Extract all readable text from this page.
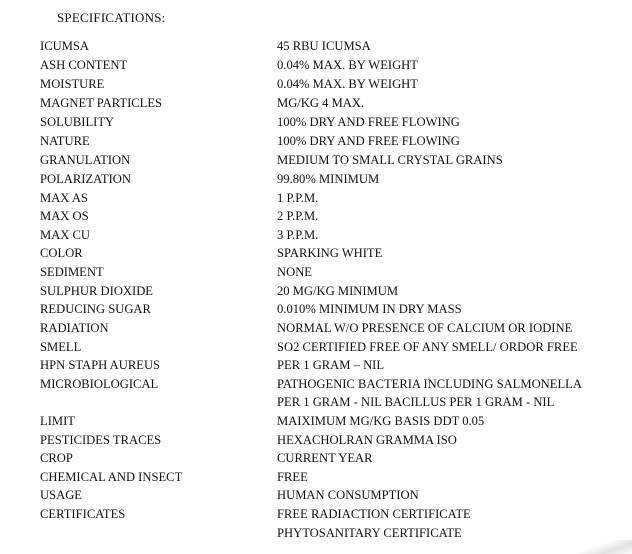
SPECIFICATIONS:
ICUMSA	45 RBU ICUMSA
ASH CONTENT	0.04% MAX. BY WEIGHT
MOISTURE	0.04% MAX. BY WEIGHT
MAGNET PARTICLES	MG/KG 4 MAX.
SOLUBILITY	100% DRY AND FREE FLOWING
NATURE	100% DRY AND FREE FLOWING
GRANULATION	MEDIUM TO SMALL CRYSTAL GRAINS
POLARIZATION	99.80% MINIMUM
MAX AS	1 P.P.M.
MAX OS	2 P.P.M.
MAX CU	3 P.P.M.
COLOR	SPARKING WHITE
SEDIMENT	NONE
SULPHUR DIOXIDE	20 MG/KG MINIMUM
REDUCING SUGAR	0.010% MINIMUM IN DRY MASS
RADIATION	NORMAL W/O PRESENCE OF CALCIUM OR IODINE
SMELL	SO2 CERTIFIED FREE OF ANY SMELL/ ORDOR FREE
HPN STAPH AUREUS	PER 1 GRAM – NIL
MICROBIOLOGICAL	PATHOGENIC BACTERIA INCLUDING SALMONELLA
PER 1 GRAM - NIL BACILLUS PER 1 GRAM - NIL
LIMIT	MAIXIMUM MG/KG BASIS DDT 0.05
PESTICIDES TRACES	HEXACHOLRAN GRAMMA ISO
CROP	CURRENT YEAR
CHEMICAL AND INSECT	FREE
USAGE	HUMAN CONSUMPTION
CERTIFICATES	FREE RADIACTION CERTIFICATE
PHYTOSANITARY CERTIFICATE
